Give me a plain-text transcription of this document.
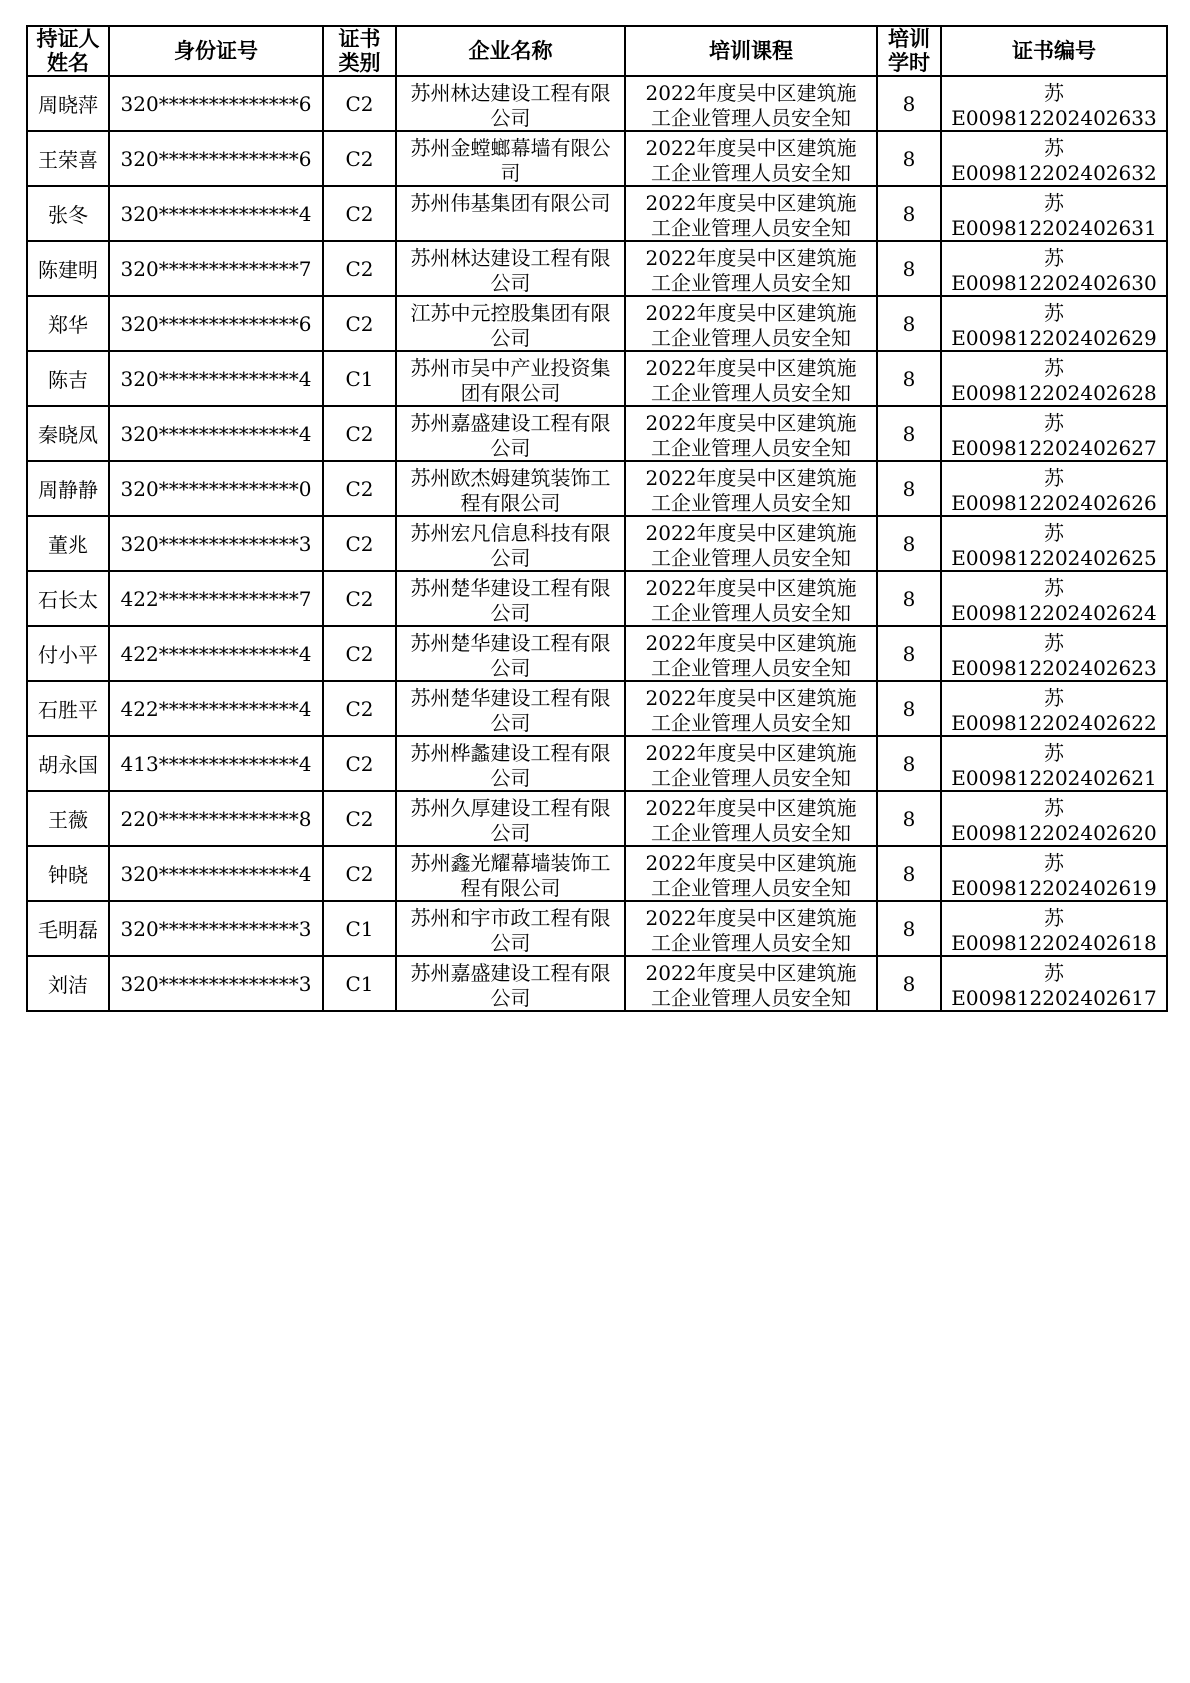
持证人姓名	身份证号	证书类别	企业名称	培训课程	培训学时	证书编号
周晓萍	320**************6	C2	苏州林达建设工程有限公司	2022年度吴中区建筑施工企业管理人员安全知	8	苏E009812202402633
王荣喜	320**************6	C2	苏州金螳螂幕墙有限公司	2022年度吴中区建筑施工企业管理人员安全知	8	苏E009812202402632
张冬	320**************4	C2	苏州伟基集团有限公司	2022年度吴中区建筑施工企业管理人员安全知	8	苏E009812202402631
陈建明	320**************7	C2	苏州林达建设工程有限公司	2022年度吴中区建筑施工企业管理人员安全知	8	苏E009812202402630
郑华	320**************6	C2	江苏中元控股集团有限公司	2022年度吴中区建筑施工企业管理人员安全知	8	苏E009812202402629
陈吉	320**************4	C1	苏州市吴中产业投资集团有限公司	2022年度吴中区建筑施工企业管理人员安全知	8	苏E009812202402628
秦晓凤	320**************4	C2	苏州嘉盛建设工程有限公司	2022年度吴中区建筑施工企业管理人员安全知	8	苏E009812202402627
周静静	320**************0	C2	苏州欧杰姆建筑装饰工程有限公司	2022年度吴中区建筑施工企业管理人员安全知	8	苏E009812202402626
董兆	320**************3	C2	苏州宏凡信息科技有限公司	2022年度吴中区建筑施工企业管理人员安全知	8	苏E009812202402625
石长太	422**************7	C2	苏州楚华建设工程有限公司	2022年度吴中区建筑施工企业管理人员安全知	8	苏E009812202402624
付小平	422**************4	C2	苏州楚华建设工程有限公司	2022年度吴中区建筑施工企业管理人员安全知	8	苏E009812202402623
石胜平	422**************4	C2	苏州楚华建设工程有限公司	2022年度吴中区建筑施工企业管理人员安全知	8	苏E009812202402622
胡永国	413**************4	C2	苏州桦蠡建设工程有限公司	2022年度吴中区建筑施工企业管理人员安全知	8	苏E009812202402621
王薇	220**************8	C2	苏州久厚建设工程有限公司	2022年度吴中区建筑施工企业管理人员安全知	8	苏E009812202402620
钟晓	320**************4	C2	苏州鑫光耀幕墙装饰工程有限公司	2022年度吴中区建筑施工企业管理人员安全知	8	苏E009812202402619
毛明磊	320**************3	C1	苏州和宇市政工程有限公司	2022年度吴中区建筑施工企业管理人员安全知	8	苏E009812202402618
刘洁	320**************3	C1	苏州嘉盛建设工程有限公司	2022年度吴中区建筑施工企业管理人员安全知	8	苏E009812202402617
